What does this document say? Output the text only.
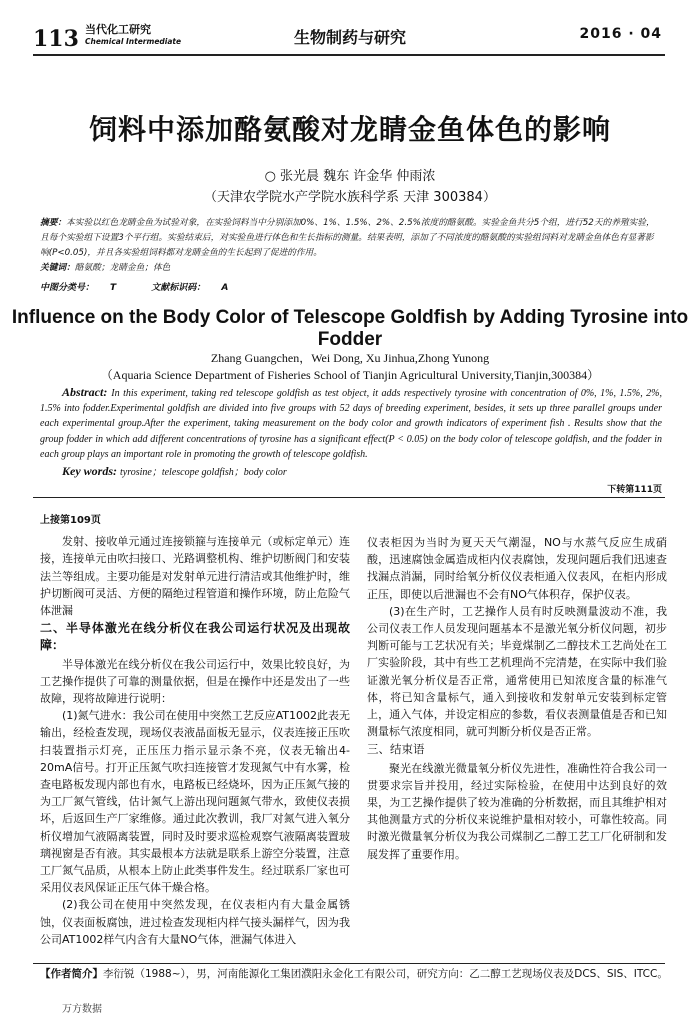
113 当代化工研究
Chemical Intermediate	生物制药与研究	2016 · 04
饲料中添加酪氨酸对龙睛金鱼体色的影响
○ 张光晨 魏东 许金华 仲雨浓
（天津农学院水产学院水族科学系 天津 300384）
摘要：本实验以红色龙睛金鱼为试验对象，在实验饲料当中分别添加0%、1%、1.5%、2%、2.5%浓度的酪氨酸。实验金鱼共分5个组，进行52天的养殖实验，且每个实验组下设置3个平行组。实验结束后，对实验鱼进行体色和生长指标的测量。结果表明，添加了不同浓度的酪氨酸的实验组饲料对龙睛金鱼体色有显著影响(P<0.05)，并且各实验组饲料都对龙睛金鱼的生长起到了促进的作用。
关键词：酪氨酸；龙睛金鱼；体色
中图分类号： T	文献标识码： A
Influence on the Body Color of Telescope Goldfish by Adding Tyrosine into Fodder
Zhang Guangchen，Wei Dong, Xu Jinhua,Zhong Yunong
（Aquaria Science Department of Fisheries School of Tianjin Agricultural University,Tianjin,300384）
Abstract: In this experiment, taking red telescope goldfish as test object, it adds respectively tyrosine with concentration of 0%, 1%, 1.5%, 2%, 1.5% into fodder.Experimental goldfish are divided into five groups with 52 days of breeding experiment, besides, it sets up three parallel groups under each experimental group.After the experiment, taking measurement on the body color and growth indicators of experiment fish . Results show that the group fodder in which add different concentrations of tyrosine has a significant effect(P < 0.05) on the body color of telescope goldfish, and the fodder in each group plays an important role in promoting the growth of telescope goldfish.
Key words: tyrosine；telescope goldfish；body color
下转第111页

上接第109页

发射、接收单元通过连接锁箍与连接单元（或标定单元）连接，连接单元由吹扫接口、光路调整机构、维护切断阀门和安装法兰等组成。主要功能是对发射单元进行清洁或其他维护时，维护切断阀可灵活、方便的隔绝过程管道和操作环境，防止危险气体泄漏

二、半导体激光在线分析仪在我公司运行状况及出现故障：

半导体激光在线分析仪在我公司运行中，效果比较良好，为工艺操作提供了可靠的测量依据，但是在操作中还是发出了一些故障，现将故障进行说明：

(1)氮气进水：我公司在使用中突然工艺反应AT1002此表无输出，经检查发现，现场仪表液晶面板无显示，仪表连接正压吹扫装置指示灯亮，正压压力指示显示条不亮，仪表无输出4-20mA信号。打开正压氮气吹扫连接管才发现氮气中有水雾，检查电路板发现内部也有水，电路板已经烧坏，因为正压氮气接的为工厂氮气管线，估计氮气上游出现问题氮气带水，致使仪表损坏，后返回生产厂家维修。通过此次教训，我厂对氮气进入氧分析仪增加气液隔离装置，同时及时要求巡检观察气液隔离装置玻璃视窗是否有液。其实最根本方法就是联系上游空分装置，注意工厂氮气品质，从根本上防止此类事件发生。经过联系厂家也可采用仪表风保证正压气体干燥合格。

(2)我公司在使用中突然发现，在仪表柜内有大量金属锈蚀，仪表面板腐蚀，进过检查发现柜内样气接头漏样气，因为我公司AT1002样气内含有大量NO气体，泄漏气体进入

仪表柜因为当时为夏天天气潮湿，NO与水蒸气反应生成硝酸，迅速腐蚀金属造成柜内仪表腐蚀，发现问题后我们迅速查找漏点消漏，同时给氧分析仪仪表柜通入仪表风，在柜内形成正压，即使以后泄漏也不会有NO气体积存，保护仪表。

(3)在生产时，工艺操作人员有时反映测量波动不准，我公司仪表工作人员发现问题基本不是激光氧分析仪问题，初步判断可能与工艺状况有关；毕竟煤制乙二醇技术工艺尚处在工厂实验阶段，其中有些工艺机理尚不完清楚，在实际中我们验证激光氧分析仪是否正常，通常使用已知浓度含量的标准气体，将已知含量标气，通入到接收和发射单元安装到标定管上，通入气体，并设定相应的参数，看仪表测量值是否和已知测量标气浓度相同，就可判断分析仪是否正常。

三、结束语

聚光在线激光微量氧分析仪先进性，准确性符合我公司一贯要求宗旨并投用，经过实际检验，在使用中达到良好的效果，为工艺操作提供了较为准确的分析数据，而且其维护相对其他测量方式的分析仪来说维护量相对较小，可靠性较高。同时激光微量氧分析仪为我公司煤制乙二醇工艺工厂化研制和发展发挥了重要作用。

【作者简介】李衍锐（1988~），男，河南能源化工集团濮阳永金化工有限公司，研究方向：乙二醇工艺现场仪表及DCS、SIS、ITCC。
万方数据
